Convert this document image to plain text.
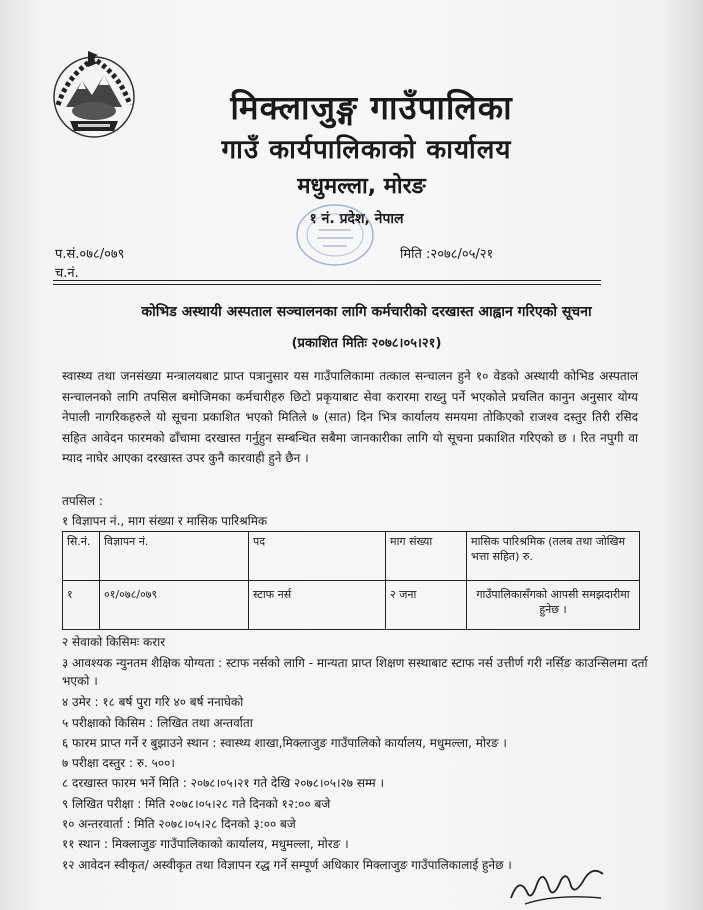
मिक्लाजुङ्ग गाउँपालिका
गाउँ कार्यपालिकाको कार्यालय
मधुमल्ला, मोरङ
१ नं. प्रदेश, नेपाल
प.सं.०७८/०७९
च.नं.
मिति :२०७८/०५/२१
कोभिड अस्थायी अस्पताल सञ्चालनका लागि कर्मचारीको दरखास्त आह्वान गरिएको सूचना
(प्रकाशित मितिः २०७८।०५।२१)
स्वास्थ्य तथा जनसंख्या मन्त्रालयबाट प्राप्त पत्रानुसार यस गाउँपालिकामा तत्काल सन्चालन हुने १० वेडको अस्थायी कोभिड अस्पताल सन्चालनको लागि तपसिल बमोजिमका कर्मचारीहरु छिटो प्रकृयाबाट सेवा करारमा राख्नु पर्ने भएकोले प्रचलित कानुन अनुसार योग्य नेपाली नागरिकहरुले यो सूचना प्रकाशित भएको मितिले ७ (सात) दिन भित्र कार्यालय समयमा तोकिएको राजश्व दस्तुर तिरी रसिद सहित आवेदन फारमको ढाँचामा दरखास्त गर्नुहुन सम्बन्धित सबैमा जानकारीका लागि यो सूचना प्रकाशित गरिएको छ । रित नपुगी वा म्याद नाघेर आएका दरखास्त उपर कुनै कारवाही हुने छैन ।
तपसिल :
१ विज्ञापन नं., माग संख्या र मासिक पारिश्रमिक
सि.नं.	विज्ञापन नं.	पद	माग संख्या	मासिक पारिश्रमिक (तलब तथा जोखिम भत्ता सहित) रु.
१	०१/०७८/०७९	स्टाफ नर्स	२ जना	गाउँपालिकासँगको आपसी समझदारीमा हुनेछ ।
२ सेवाको किसिमः करार
३ आवश्यक न्युनतम शैक्षिक योग्यता : स्टाफ नर्सको लागि - मान्यता प्राप्त शिक्षण सस्थाबाट स्टाफ नर्स उत्तीर्ण गरी नर्सिङ काउन्सिलमा दर्ता भएको ।
४ उमेर : १८ बर्ष पुरा गरि ४० बर्ष ननाघेको
५ परीक्षाको किसिम : लिखित तथा अन्तर्वाता
६ फारम प्राप्त गर्ने र बुझाउने स्थान : स्वास्थ्य शाखा,मिक्लाजुङ गाउँपालिको कार्यालय, मधुमल्ला, मोरङ ।
७ परीक्षा दस्तुर : रु. ५००।
८ दरखास्त फारम भर्ने मिति : २०७८।०५।२१ गते देखि २०७८।०५।२७ सम्म ।
९ लिखित परीक्षा : मिति २०७८।०५।२८ गते दिनको १२:०० बजे
१० अन्तरवार्ता : मिति २०७८।०५।२८ दिनको ३:०० बजे
११ स्थान : मिक्लाजुङ गाउँपालिकाको कार्यालय, मधुमल्ला, मोरङ ।
१२ आवेदन स्वीकृत/ अस्वीकृत तथा विज्ञापन रद्ध गर्ने सम्पूर्ण अधिकार मिक्लाजुङ गाउँपालिकालाई हुनेछ ।
